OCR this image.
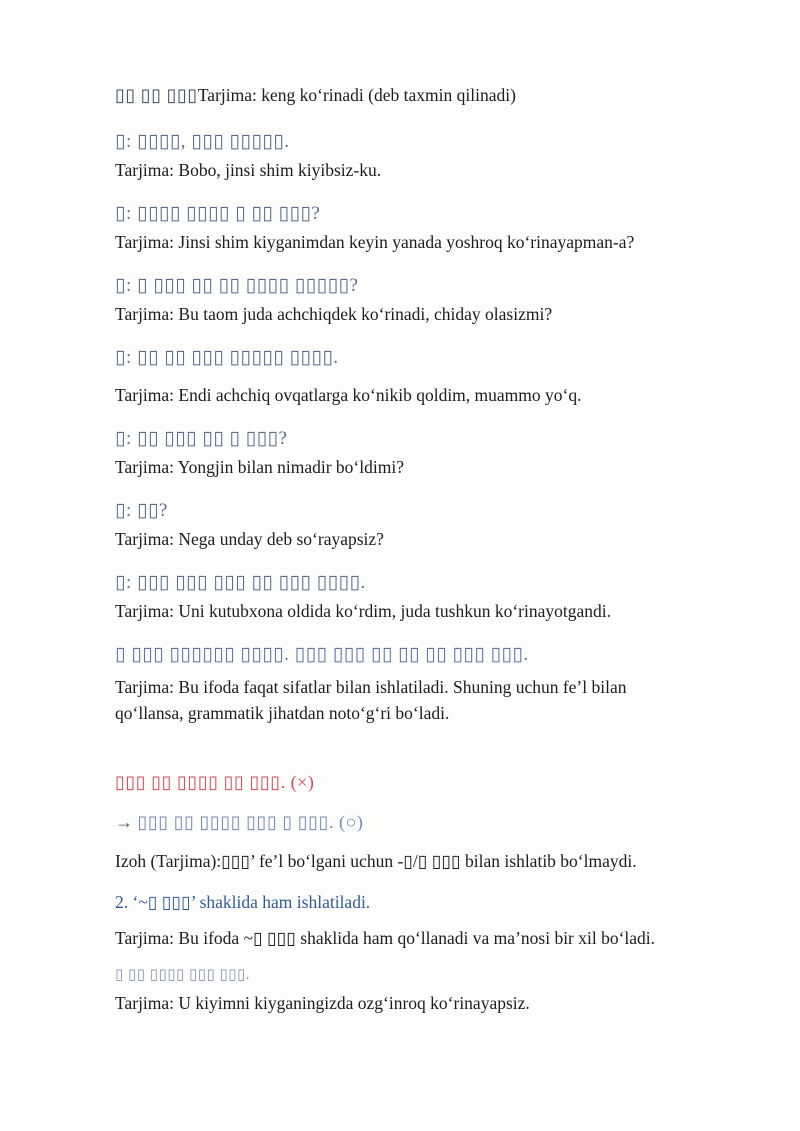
▯▯ ▯▯ ▯▯▯Tarjima: keng ko‘rinadi (deb taxmin qilinadi)

▯: ▯▯▯▯, ▯▯▯ ▯▯▯▯▯.

Tarjima: Bobo, jinsi shim kiyibsiz-ku.

▯: ▯▯▯▯ ▯▯▯▯ ▯ ▯▯ ▯▯▯?

Tarjima: Jinsi shim kiyganimdan keyin yanada yoshroq ko‘rinayapman-a?

▯: ▯ ▯▯▯ ▯▯ ▯▯ ▯▯▯▯ ▯▯▯▯▯?

Tarjima: Bu taom juda achchiqdek ko‘rinadi, chiday olasizmi?

▯: ▯▯ ▯▯ ▯▯▯ ▯▯▯▯▯ ▯▯▯▯.

Tarjima: Endi achchiq ovqatlarga ko‘nikib qoldim, muammo yo‘q.

▯: ▯▯ ▯▯▯ ▯▯ ▯ ▯▯▯?

Tarjima: Yongjin bilan nimadir bo‘ldimi?

▯: ▯▯?

Tarjima: Nega unday deb so‘rayapsiz?

▯: ▯▯▯ ▯▯▯ ▯▯▯ ▯▯ ▯▯▯ ▯▯▯▯.

Tarjima: Uni kutubxona oldida ko‘rdim, juda tushkun ko‘rinayotgandi.

▯ ▯▯▯ ▯▯▯▯▯▯ ▯▯▯▯. ▯▯▯ ▯▯▯ ▯▯ ▯▯ ▯▯ ▯▯▯ ▯▯▯.

Tarjima: Bu ifoda faqat sifatlar bilan ishlatiladi. Shuning uchun fe’l bilan qo‘llansa, grammatik jihatdan noto‘g‘ri bo‘ladi.

▯▯▯ ▯▯ ▯▯▯▯ ▯▯ ▯▯▯. (×)

→ ▯▯▯ ▯▯ ▯▯▯▯ ▯▯▯ ▯ ▯▯▯. (○)

Izoh (Tarjima):▯▯▯’ fe’l bo‘lgani uchun -▯/▯ ▯▯▯ bilan ishlatib bo‘lmaydi.

2. ‘~▯ ▯▯▯’ shaklida ham ishlatiladi.

Tarjima: Bu ifoda ~▯ ▯▯▯ shaklida ham qo‘llanadi va ma’nosi bir xil bo‘ladi.

▯ ▯▯ ▯▯▯▯ ▯▯▯ ▯▯▯.

Tarjima: U kiyimni kiyganingizda ozg‘inroq ko‘rinayapsiz.
